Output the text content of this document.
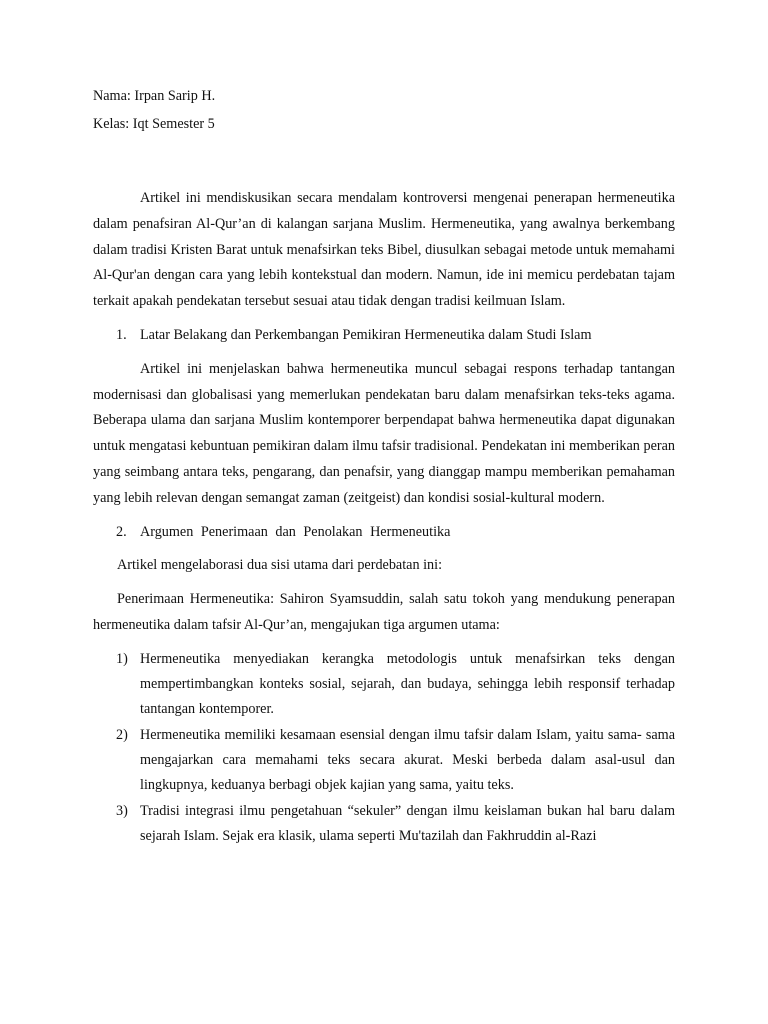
Nama: Irpan Sarip H.

Kelas: Iqt Semester 5

Artikel ini mendiskusikan secara mendalam kontroversi mengenai penerapan hermeneutika dalam penafsiran Al-Qur’an di kalangan sarjana Muslim. Hermeneutika, yang awalnya berkembang dalam tradisi Kristen Barat untuk menafsirkan teks Bibel, diusulkan sebagai metode untuk memahami Al-Qur'an dengan cara yang lebih kontekstual dan modern. Namun, ide ini memicu perdebatan tajam terkait apakah pendekatan tersebut sesuai atau tidak dengan tradisi keilmuan Islam.

1. Latar Belakang dan Perkembangan Pemikiran Hermeneutika dalam Studi Islam

Artikel ini menjelaskan bahwa hermeneutika muncul sebagai respons terhadap tantangan modernisasi dan globalisasi yang memerlukan pendekatan baru dalam menafsirkan teks-teks agama. Beberapa ulama dan sarjana Muslim kontemporer berpendapat bahwa hermeneutika dapat digunakan untuk mengatasi kebuntuan pemikiran dalam ilmu tafsir tradisional. Pendekatan ini memberikan peran yang seimbang antara teks, pengarang, dan penafsir, yang dianggap mampu memberikan pemahaman yang lebih relevan dengan semangat zaman (zeitgeist) dan kondisi sosial-kultural modern.

2. Argumen Penerimaan dan Penolakan Hermeneutika

Artikel mengelaborasi dua sisi utama dari perdebatan ini:

Penerimaan Hermeneutika: Sahiron Syamsuddin, salah satu tokoh yang mendukung penerapan hermeneutika dalam tafsir Al-Qur’an, mengajukan tiga argumen utama:

1) Hermeneutika menyediakan kerangka metodologis untuk menafsirkan teks dengan mempertimbangkan konteks sosial, sejarah, dan budaya, sehingga lebih responsif terhadap tantangan kontemporer.
2) Hermeneutika memiliki kesamaan esensial dengan ilmu tafsir dalam Islam, yaitu sama- sama mengajarkan cara memahami teks secara akurat. Meski berbeda dalam asal-usul dan lingkupnya, keduanya berbagi objek kajian yang sama, yaitu teks.
3) Tradisi integrasi ilmu pengetahuan “sekuler” dengan ilmu keislaman bukan hal baru dalam sejarah Islam. Sejak era klasik, ulama seperti Mu'tazilah dan Fakhruddin al-Razi
